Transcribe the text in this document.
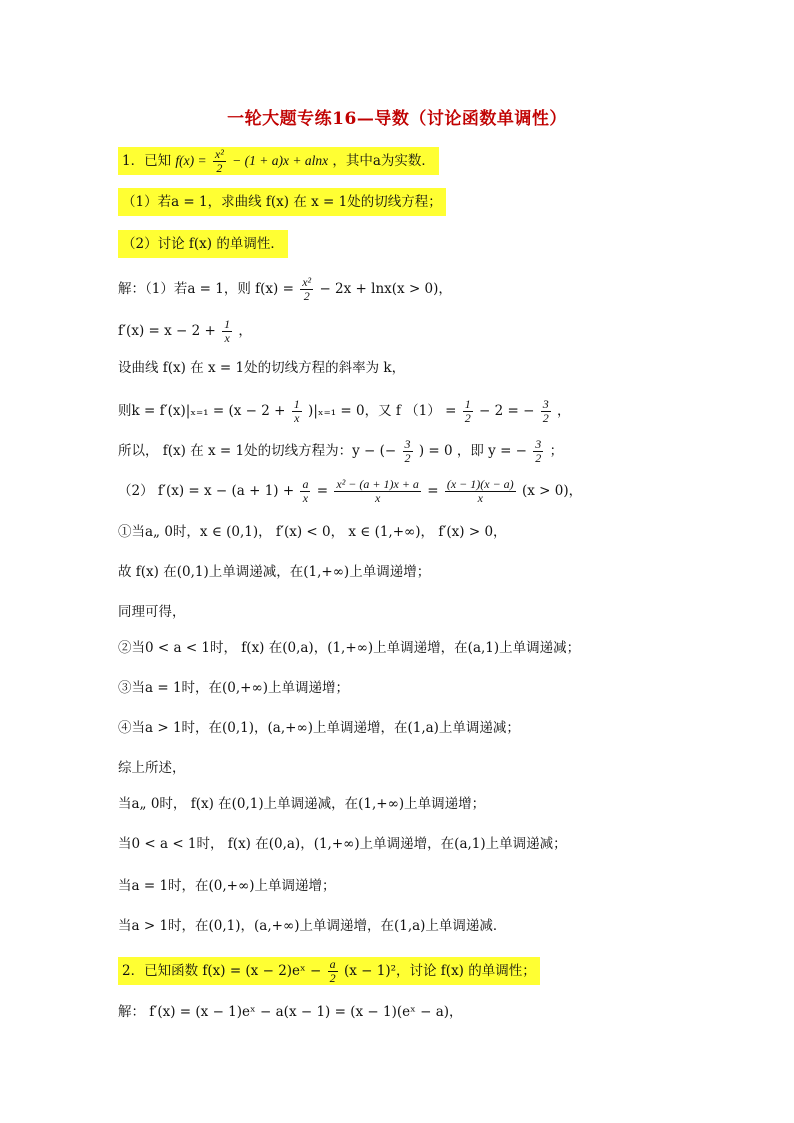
一轮大题专练16—导数（讨论函数单调性）
1．已知 $f(x) = \frac{\text{x²}}{2} - (1 + a)x + alnx$ ，其中a为实数．
（1）若a = 1，求曲线 f(x) 在 x = 1处的切线方程；
（2）讨论 f(x) 的单调性．
解：（1）若a = 1，则 $f(x) = \frac{\text{x²}}{2} - 2x + \ln x(x > 0)$，
$f'(x) = x - 2 + \frac{1}{x}$ ，
设曲线 f(x) 在 x = 1处的切线方程的斜率为 k，
则$k = f'(x)|_{x=1} = (x - 2 + \frac{1}{x} )|_{x=1} = 0$，又 f $(1) = \frac{1}{2} - 2$ = − $\frac{3}{2}$ ，
所以， f(x) 在 x = 1处的切线方程为：y − (− $\frac{3}{2}$ ) = 0 ，即 y = − $\frac{3}{2}$ ；
（2） $f'(x) = x - (a + 1) + \frac{a}{x} = \frac{\text{x² − (a + 1)x + a}}{x} = \frac{(x - 1)(x - a)}{x} (x > 0)$，
①当a„ 0时，x ∈ (0,1)， f′(x) < 0， x ∈ (1,+∞)， f′(x) > 0，
故 f(x) 在(0,1)上单调递减，在(1,+∞)上单调递增；
同理可得，
②当0 < a < 1时， f(x) 在(0,a)，(1,+∞)上单调递增，在(a,1)上单调递减；
③当a = 1时，在(0,+∞)上单调递增；
④当a > 1时，在(0,1)，(a,+∞)上单调递增，在(1,a)上单调递减；
综上所述，
当a„ 0时， f(x) 在(0,1)上单调递减，在(1,+∞)上单调递增；
当0 < a < 1时， f(x) 在(0,a)，(1,+∞)上单调递增，在(a,1)上单调递减；
当a = 1时，在(0,+∞)上单调递增；
当a > 1时，在(0,1)，(a,+∞)上单调递增，在(1,a)上单调递减．
2．已知函数 f(x) = (x − 2)eˣ − $\frac{a}{2} (x - 1)^2$，讨论 f(x) 的单调性；
解： f′(x) = (x − 1)eˣ − a(x − 1) = (x − 1)(eˣ − a)，
